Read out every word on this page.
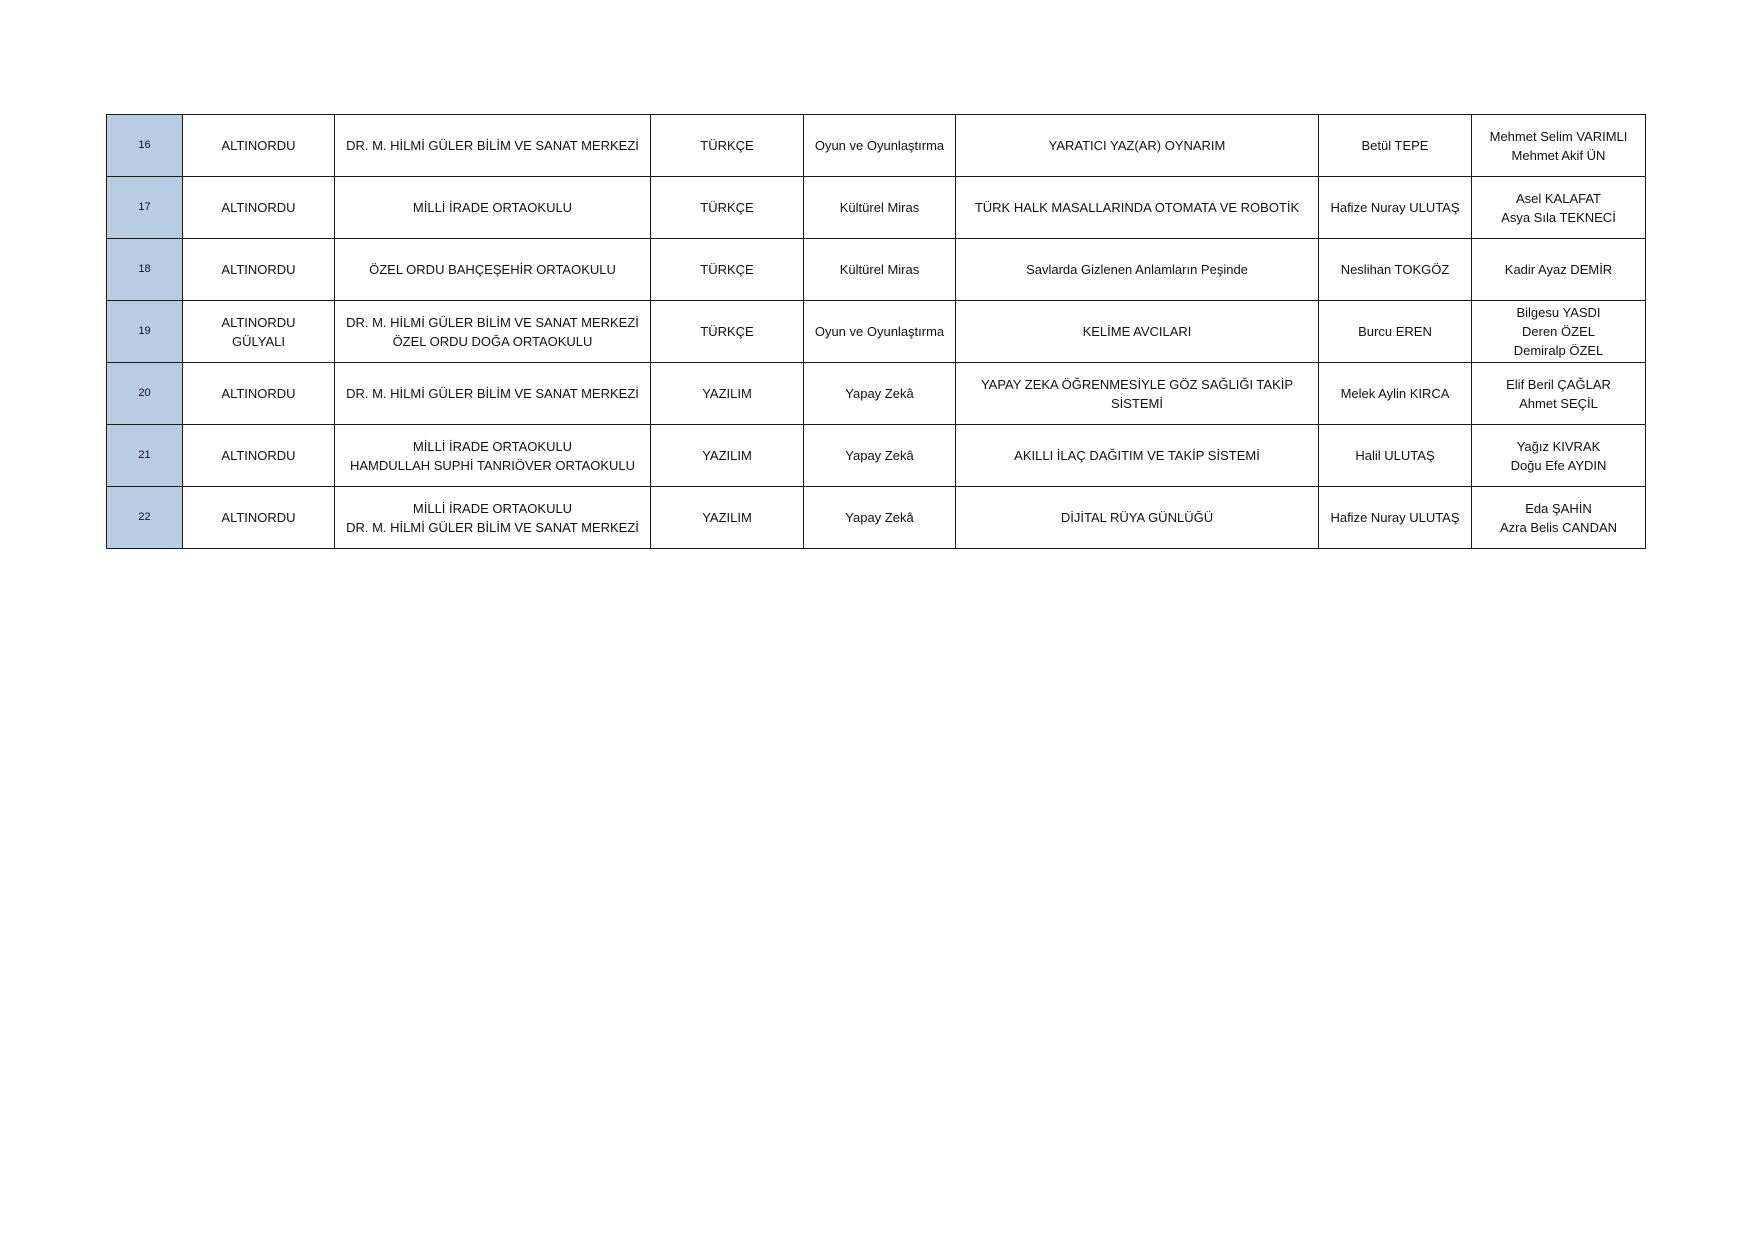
16	ALTINORDU	DR. M. HİLMİ GÜLER BİLİM VE SANAT MERKEZİ	TÜRKÇE	Oyun ve Oyunlaştırma	YARATICI YAZ(AR) OYNARIM	Betül TEPE	Mehmet Selim VARIMLI
Mehmet Akif ÜN

17	ALTINORDU	MİLLİ İRADE ORTAOKULU	TÜRKÇE	Kültürel Miras	TÜRK HALK MASALLARINDA OTOMATA VE ROBOTİK	Hafize Nuray ULUTAŞ	Asel KALAFAT
Asya Sıla TEKNECİ

18	ALTINORDU	ÖZEL ORDU BAHÇEŞEHİR ORTAOKULU	TÜRKÇE	Kültürel Miras	Savlarda Gizlenen Anlamların Peşinde	Neslihan TOKGÖZ	Kadir Ayaz DEMİR

19	ALTINORDU
GÜLYALI	DR. M. HİLMİ GÜLER BİLİM VE SANAT MERKEZİ
ÖZEL ORDU DOĞA ORTAOKULU	TÜRKÇE	Oyun ve Oyunlaştırma	KELİME AVCILARI	Burcu EREN	Bilgesu YASDI
Deren ÖZEL
Demiralp ÖZEL

20	ALTINORDU	DR. M. HİLMİ GÜLER BİLİM VE SANAT MERKEZİ	YAZILIM	Yapay Zekâ	YAPAY ZEKA ÖĞRENMESİYLE GÖZ SAĞLIĞI TAKİP SİSTEMİ	Melek Aylin KIRCA	Elif Beril ÇAĞLAR
Ahmet SEÇİL

21	ALTINORDU	MİLLİ İRADE ORTAOKULU
HAMDULLAH SUPHİ TANRIÖVER ORTAOKULU	YAZILIM	Yapay Zekâ	AKILLI İLAÇ DAĞITIM VE TAKİP SİSTEMİ	Halil ULUTAŞ	Yağız KIVRAK
Doğu Efe AYDIN

22	ALTINORDU	MİLLİ İRADE ORTAOKULU
DR. M. HİLMİ GÜLER BİLİM VE SANAT MERKEZİ	YAZILIM	Yapay Zekâ	DİJİTAL RÜYA GÜNLÜĞÜ	Hafize Nuray ULUTAŞ	Eda ŞAHİN
Azra Belis CANDAN
